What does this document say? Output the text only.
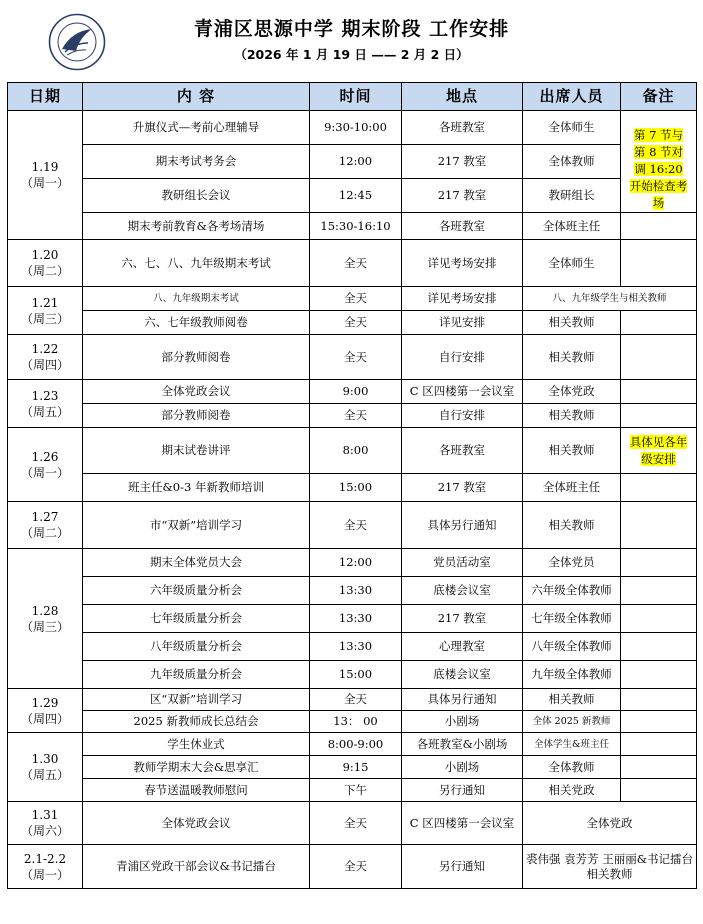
青浦区思源中学 期末阶段 工作安排
（2026 年 1 月 19 日 —— 2 月 2 日）
日期	内 容	时间	地点	出席人员	备注
1.19
（周一）	升旗仪式—考前心理辅导	9:30-10:00	各班教室	全体师生	第 7 节与第 8 节对调 16:20 开始检查考场
	期末考试考务会	12:00	217 教室	全体教师	
	教研组长会议	12:45	217 教室	教研组长	
	期末考前教育&各考场清场	15:30-16:10	各班教室	全体班主任	
1.20
（周二）	六、七、八、九年级期末考试	全天	详见考场安排	全体师生	
1.21
（周三）	八、九年级期末考试	全天	详见考场安排	八、九年级学生与相关教师	
	六、七年级教师阅卷	全天	详见安排	相关教师	
1.22
（周四）	部分教师阅卷	全天	自行安排	相关教师	
1.23
（周五）	全体党政会议	9:00	C 区四楼第一会议室	全体党政	
	部分教师阅卷	全天	自行安排	相关教师	
1.26
（周一）	期末试卷讲评	8:00	各班教室	相关教师	具体见各年级安排
	班主任&0-3 年新教师培训	15:00	217 教室	全体班主任	
1.27
（周二）	市“双新”培训学习	全天	具体另行通知	相关教师	
1.28
（周三）	期末全体党员大会	12:00	党员活动室	全体党员	
	六年级质量分析会	13:30	底楼会议室	六年级全体教师	
	七年级质量分析会	13:30	217 教室	七年级全体教师	
	八年级质量分析会	13:30	心理教室	八年级全体教师	
	九年级质量分析会	15:00	底楼会议室	九年级全体教师	
1.29
（周四）	区“双新”培训学习	全天	具体另行通知	相关教师	
	2025 新教师成长总结会	13： 00	小剧场	全体 2025 新教师	
1.30
（周五）	学生休业式	8:00-9:00	各班教室&小剧场	全体学生&班主任	
	教师学期末大会&思享汇	9:15	小剧场	全体教师	
	春节送温暖教师慰问	下午	另行通知	相关党政	
1.31
（周六）	全体党政会议	全天	C 区四楼第一会议室	全体党政	
2.1-2.2
（周一）	青浦区党政干部会议&书记擂台	全天	另行通知	裘伟强 袁芳芳 王丽丽&书记擂台相关教师	
